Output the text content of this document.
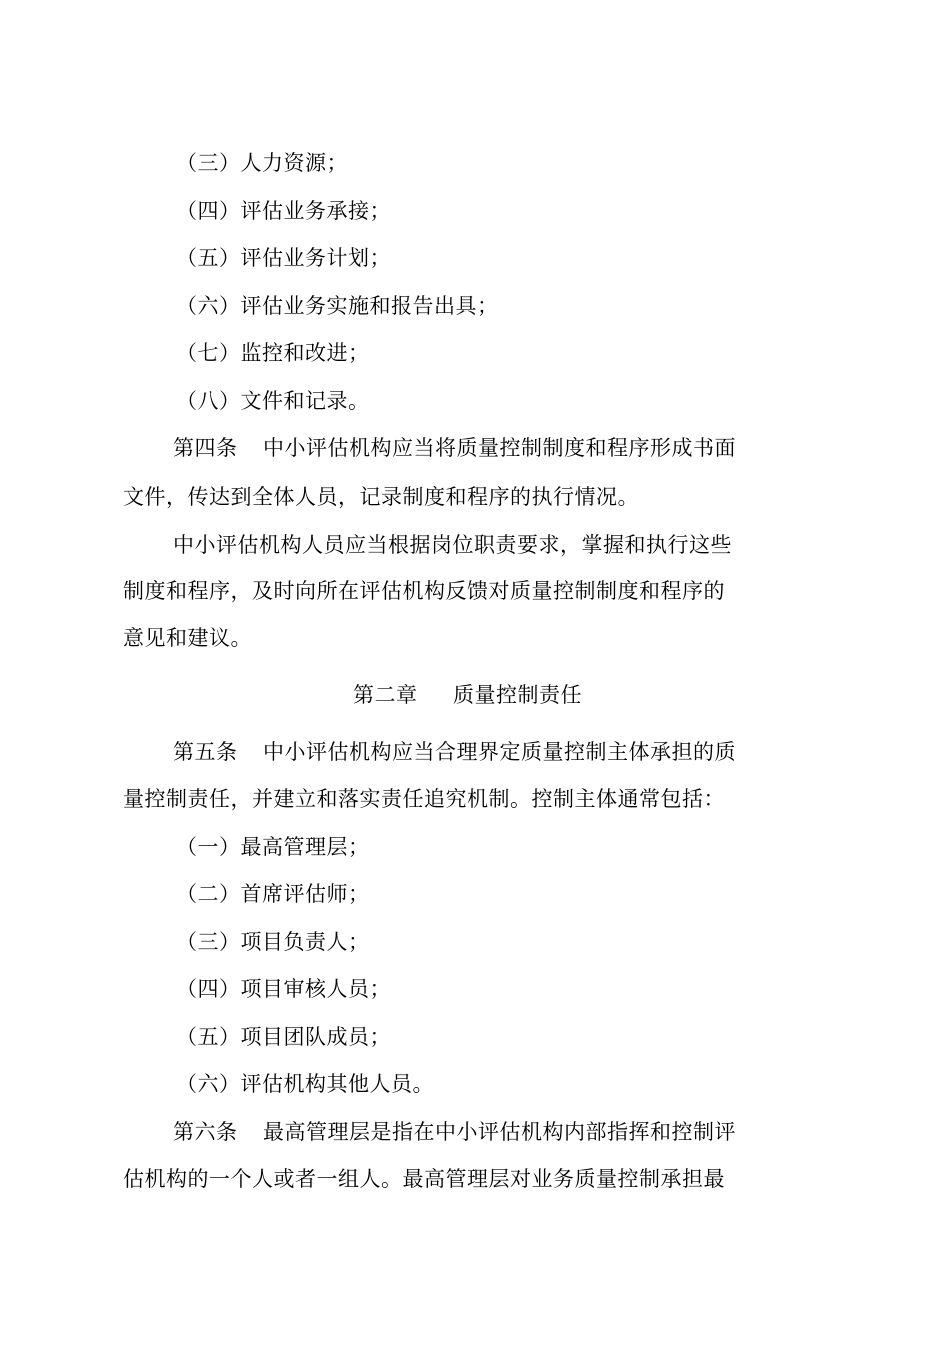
（三）人力资源；
（四）评估业务承接；
（五）评估业务计划；
（六）评估业务实施和报告出具；
（七）监控和改进；
（八）文件和记录。
第四条 中小评估机构应当将质量控制制度和程序形成书面
文件，传达到全体人员，记录制度和程序的执行情况。
中小评估机构人员应当根据岗位职责要求，掌握和执行这些
制度和程序，及时向所在评估机构反馈对质量控制制度和程序的
意见和建议。
第二章 质量控制责任
第五条 中小评估机构应当合理界定质量控制主体承担的质
量控制责任，并建立和落实责任追究机制。控制主体通常包括：
（一）最高管理层；
（二）首席评估师；
（三）项目负责人；
（四）项目审核人员；
（五）项目团队成员；
（六）评估机构其他人员。
第六条 最高管理层是指在中小评估机构内部指挥和控制评
估机构的一个人或者一组人。最高管理层对业务质量控制承担最
